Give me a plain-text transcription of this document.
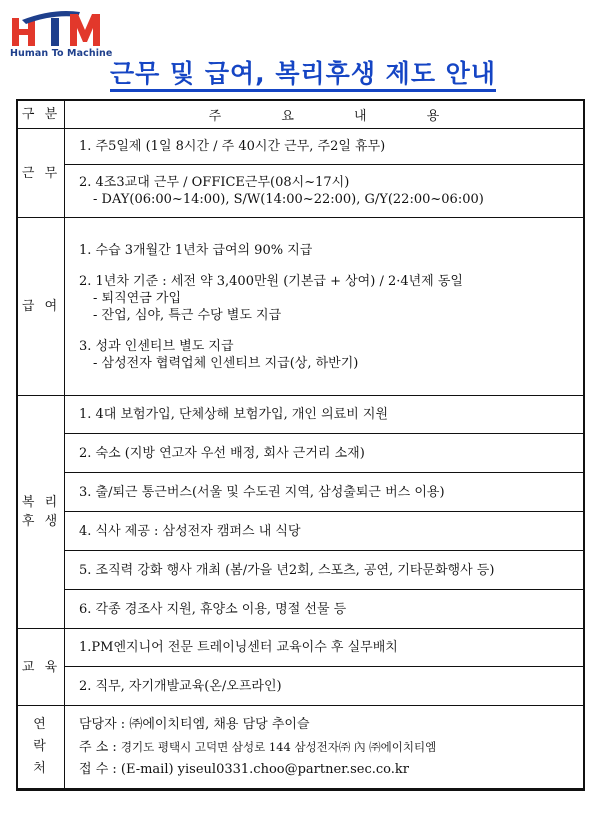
Human To Machine
근무 및 급여, 복리후생 제도 안내
구 분	주 요 내 용
근 무
1. 주5일제 (1일 8시간 / 주 40시간 근무, 주2일 휴무)
2. 4조3교대 근무 / OFFICE근무(08시~17시)
- DAY(06:00~14:00), S/W(14:00~22:00), G/Y(22:00~06:00)
급 여
1. 수습 3개월간 1년차 급여의 90% 지급
2. 1년차 기준 : 세전 약 3,400만원 (기본급 + 상여) / 2·4년제 동일
- 퇴직연금 가입
- 잔업, 심야, 특근 수당 별도 지급
3. 성과 인센티브 별도 지급
- 삼성전자 협력업체 인센티브 지급(상, 하반기)
복 리
후 생
1. 4대 보험가입, 단체상해 보험가입, 개인 의료비 지원
2. 숙소 (지방 연고자 우선 배정, 회사 근거리 소재)
3. 출/퇴근 통근버스(서울 및 수도권 지역, 삼성출퇴근 버스 이용)
4. 식사 제공 : 삼성전자 캠퍼스 내 식당
5. 조직력 강화 행사 개최 (봄/가을 년2회, 스포츠, 공연, 기타문화행사 등)
6. 각종 경조사 지원, 휴양소 이용, 명절 선물 등
교 육
1.PM엔지니어 전문 트레이닝센터 교육이수 후 실무배치
2. 직무, 자기개발교육(온/오프라인)
연
락
처
담당자 : ㈜에이치티엠, 채용 담당 추이슬
주 소 : 경기도 평택시 고덕면 삼성로 144 삼성전자㈜ 內 ㈜에이치티엠
접 수 : (E-mail) yiseul0331.choo@partner.sec.co.kr
